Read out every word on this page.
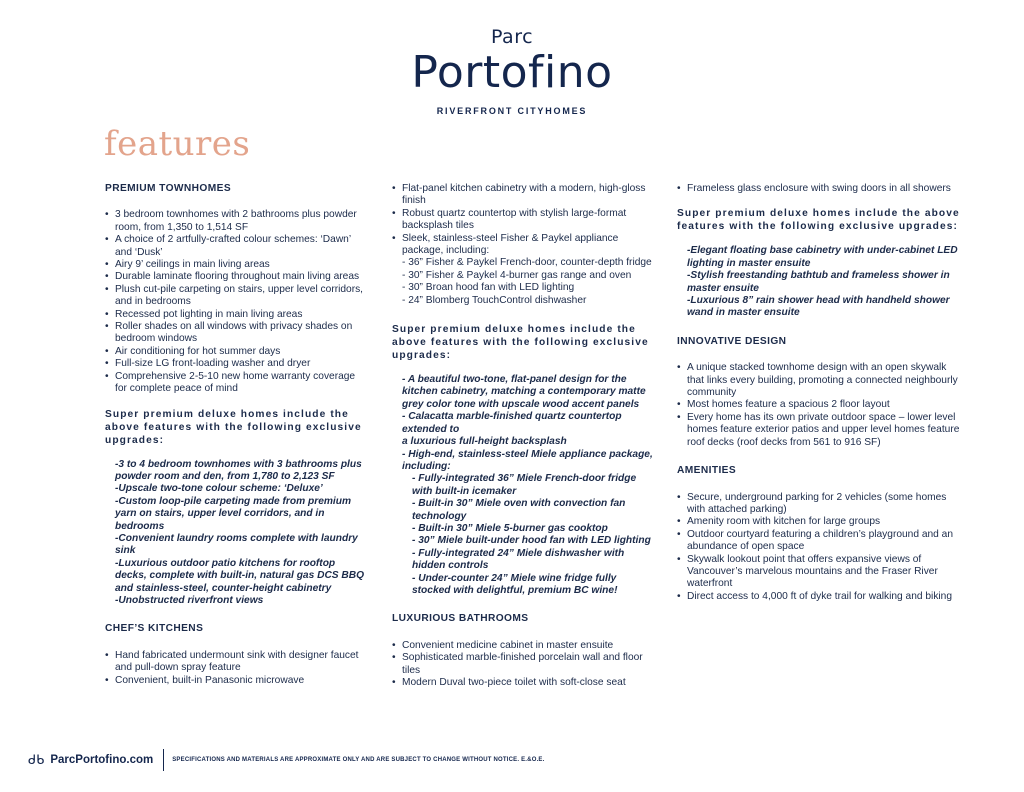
Parc
Portofino
RIVERFRONT CITYHOMES
features
PREMIUM TOWNHOMES
• 3 bedroom townhomes with 2 bathrooms plus powder room, from 1,350 to 1,514 SF
• A choice of 2 artfully-crafted colour schemes: ‘Dawn’ and ‘Dusk’
• Airy 9’ ceilings in main living areas
• Durable laminate flooring throughout main living areas
• Plush cut-pile carpeting on stairs, upper level corridors, and in bedrooms
• Recessed pot lighting in main living areas
• Roller shades on all windows with privacy shades on bedroom windows
• Air conditioning for hot summer days
• Full-size LG front-loading washer and dryer
• Comprehensive 2-5-10 new home warranty coverage for complete peace of mind
Super premium deluxe homes include the above features with the following exclusive upgrades:
-3 to 4 bedroom townhomes with 3 bathrooms plus powder room and den, from 1,780 to 2,123 SF
-Upscale two-tone colour scheme: ‘Deluxe’
-Custom loop-pile carpeting made from premium yarn on stairs, upper level corridors, and in bedrooms
-Convenient laundry rooms complete with laundry sink
-Luxurious outdoor patio kitchens for rooftop decks, complete with built-in, natural gas DCS BBQ and stainless-steel, counter-height cabinetry
-Unobstructed riverfront views
CHEF’S KITCHENS
• Hand fabricated undermount sink with designer faucet and pull-down spray feature
• Convenient, built-in Panasonic microwave
• Flat-panel kitchen cabinetry with a modern, high-gloss finish
• Robust quartz countertop with stylish large-format backsplash tiles
• Sleek, stainless-steel Fisher & Paykel appliance package, including:
- 36” Fisher & Paykel French-door, counter-depth fridge
- 30” Fisher & Paykel 4-burner gas range and oven
- 30” Broan hood fan with LED lighting
- 24” Blomberg TouchControl dishwasher
Super premium deluxe homes include the above features with the following exclusive upgrades:
- A beautiful two-tone, flat-panel design for the kitchen cabinetry, matching a contemporary matte grey color tone with upscale wood accent panels
- Calacatta marble-finished quartz countertop extended to
a luxurious full-height backsplash
- High-end, stainless-steel Miele appliance package, including:
- Fully-integrated 36” Miele French-door fridge with built-in icemaker
- Built-in 30” Miele oven with convection fan technology
- Built-in 30” Miele 5-burner gas cooktop
- 30” Miele built-under hood fan with LED lighting
- Fully-integrated 24” Miele dishwasher with hidden controls
- Under-counter 24” Miele wine fridge fully stocked with delightful, premium BC wine!
LUXURIOUS BATHROOMS
• Convenient medicine cabinet in master ensuite
• Sophisticated marble-finished porcelain wall and floor tiles
• Modern Duval two-piece toilet with soft-close seat
• Frameless glass enclosure with swing doors in all showers
Super premium deluxe homes include the above features with the following exclusive upgrades:
-Elegant floating base cabinetry with under-cabinet LED lighting in master ensuite
-Stylish freestanding bathtub and frameless shower in master ensuite
-Luxurious 8” rain shower head with handheld shower wand in master ensuite
INNOVATIVE DESIGN
• A unique stacked townhome design with an open skywalk that links every building, promoting a connected neighbourly community
• Most homes feature a spacious 2 floor layout
• Every home has its own private outdoor space – lower level homes feature exterior patios and upper level homes feature roof decks (roof decks from 561 to 916 SF)
AMENITIES
• Secure, underground parking for 2 vehicles (some homes with attached parking)
• Amenity room with kitchen for large groups
• Outdoor courtyard featuring a children’s playground and an abundance of open space
• Skywalk lookout point that offers expansive views of Vancouver’s marvelous mountains and the Fraser River waterfront
• Direct access to 4,000 ft of dyke trail for walking and biking
ᑯᑲ ParcPortofino.com	SPECIFICATIONS AND MATERIALS ARE APPROXIMATE ONLY AND ARE SUBJECT TO CHANGE WITHOUT NOTICE. E.&O.E.
